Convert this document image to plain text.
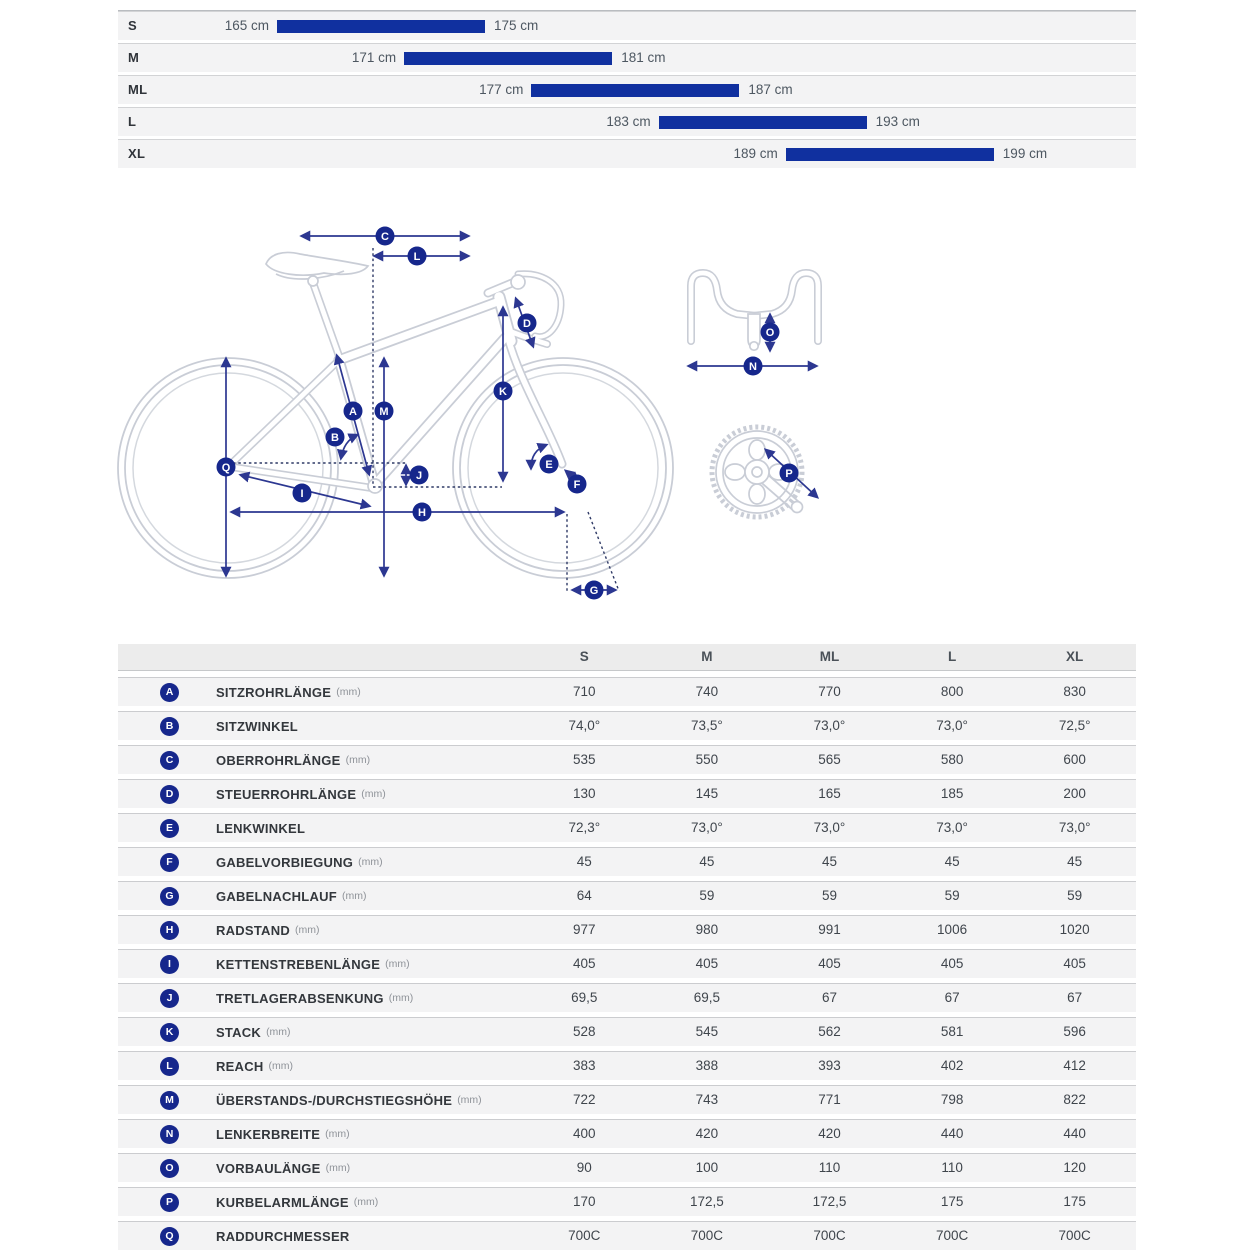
S	165 cm	175 cm
M	171 cm	181 cm
ML	177 cm	187 cm
L	183 cm	193 cm
XL	189 cm	199 cm
A
B
C
D
E
F
G
H
I
J
K
L
M
N
O
P
Q
S	M	ML	L	XL
A	SITZROHRLÄNGE (mm)	710	740	770	800	830
B	SITZWINKEL	74,0°	73,5°	73,0°	73,0°	72,5°
C	OBERROHRLÄNGE (mm)	535	550	565	580	600
D	STEUERROHRLÄNGE (mm)	130	145	165	185	200
E	LENKWINKEL	72,3°	73,0°	73,0°	73,0°	73,0°
F	GABELVORBIEGUNG (mm)	45	45	45	45	45
G	GABELNACHLAUF (mm)	64	59	59	59	59
H	RADSTAND (mm)	977	980	991	1006	1020
I	KETTENSTREBENLÄNGE (mm)	405	405	405	405	405
J	TRETLAGERABSENKUNG (mm)	69,5	69,5	67	67	67
K	STACK (mm)	528	545	562	581	596
L	REACH (mm)	383	388	393	402	412
M	ÜBERSTANDS-/DURCHSTIEGSHÖHE (mm)	722	743	771	798	822
N	LENKERBREITE (mm)	400	420	420	440	440
O	VORBAULÄNGE (mm)	90	100	110	110	120
P	KURBELARMLÄNGE (mm)	170	172,5	172,5	175	175
Q	RADDURCHMESSER	700C	700C	700C	700C	700C
